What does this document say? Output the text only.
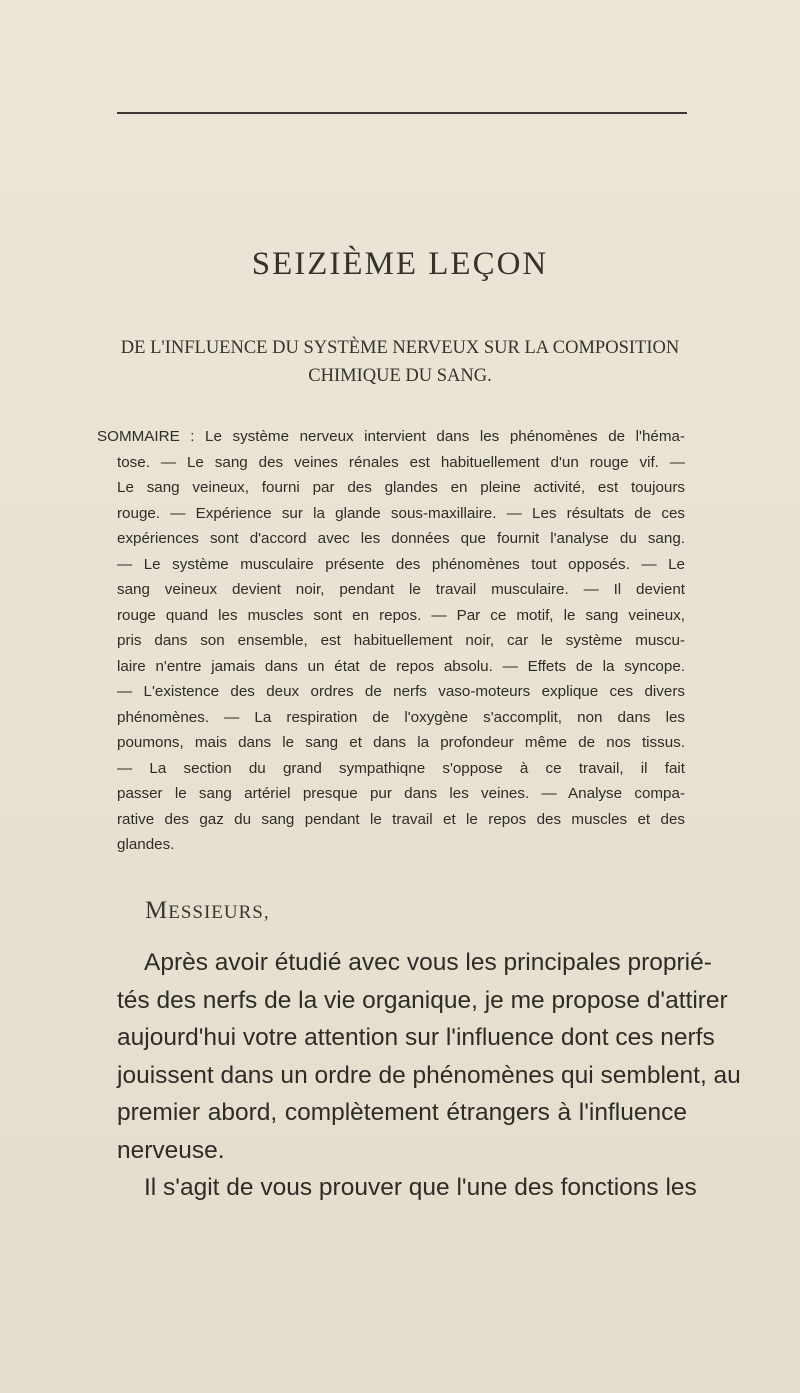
SEIZIÈME LEÇON
DE L'INFLUENCE DU SYSTÈME NERVEUX SUR LA COMPOSITION
CHIMIQUE DU SANG.
SOMMAIRE : Le système nerveux intervient dans les phénomènes de l'héma-
tose. — Le sang des veines rénales est habituellement d'un rouge vif. —
Le sang veineux, fourni par des glandes en pleine activité, est toujours
rouge. — Expérience sur la glande sous-maxillaire. — Les résultats de ces
expériences sont d'accord avec les données que fournit l'analyse du sang.
— Le système musculaire présente des phénomènes tout opposés. — Le
sang veineux devient noir, pendant le travail musculaire. — Il devient
rouge quand les muscles sont en repos. — Par ce motif, le sang veineux,
pris dans son ensemble, est habituellement noir, car le système muscu-
laire n'entre jamais dans un état de repos absolu. — Effets de la syncope.
— L'existence des deux ordres de nerfs vaso-moteurs explique ces divers
phénomènes. — La respiration de l'oxygène s'accomplit, non dans les
poumons, mais dans le sang et dans la profondeur même de nos tissus.
— La section du grand sympathiqne s'oppose à ce travail, il fait
passer le sang artériel presque pur dans les veines. — Analyse compa-
rative des gaz du sang pendant le travail et le repos des muscles et des
glandes.
MESSIEURS,
Après avoir étudié avec vous les principales proprié-
tés des nerfs de la vie organique, je me propose d'attirer
aujourd'hui votre attention sur l'influence dont ces nerfs
jouissent dans un ordre de phénomènes qui semblent, au
premier abord, complètement étrangers à l'influence
nerveuse.
Il s'agit de vous prouver que l'une des fonctions les
